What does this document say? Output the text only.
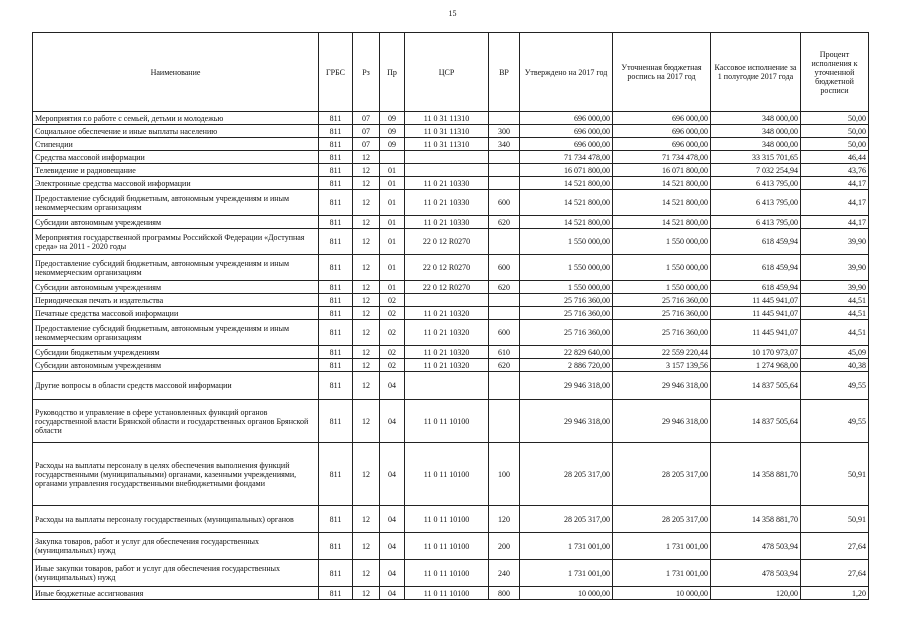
15
Наименование	ГРБС	Рз	Пр	ЦСР	ВР	Утверждено на 2017 год	Уточненная бюджетная роспись на 2017 год	Кассовое исполнение за 1 полугодие 2017 года	Процент исполнения к уточненной бюджетной росписи
Мероприятия г.о работе с семьей, детьми и молодежью	811	07	09	11 0 31 11310		696 000,00	696 000,00	348 000,00	50,00
Социальное обеспечение и иные выплаты населению	811	07	09	11 0 31 11310	300	696 000,00	696 000,00	348 000,00	50,00
Стипендии	811	07	09	11 0 31 11310	340	696 000,00	696 000,00	348 000,00	50,00
Средства массовой информации	811	12				71 734 478,00	71 734 478,00	33 315 701,65	46,44
Телевидение и радиовещание	811	12	01			16 071 800,00	16 071 800,00	7 032 254,94	43,76
Электронные средства массовой информации	811	12	01	11 0 21 10330		14 521 800,00	14 521 800,00	6 413 795,00	44,17
Предоставление субсидий бюджетным, автономным учреждениям и иным некоммерческим организациям	811	12	01	11 0 21 10330	600	14 521 800,00	14 521 800,00	6 413 795,00	44,17
Субсидии автономным учреждениям	811	12	01	11 0 21 10330	620	14 521 800,00	14 521 800,00	6 413 795,00	44,17
Мероприятия государственной программы Российской Федерации «Доступная среда» на 2011 - 2020 годы	811	12	01	22 0 12 R0270		1 550 000,00	1 550 000,00	618 459,94	39,90
Предоставление субсидий бюджетным, автономным учреждениям и иным некоммерческим организациям	811	12	01	22 0 12 R0270	600	1 550 000,00	1 550 000,00	618 459,94	39,90
Субсидии автономным учреждениям	811	12	01	22 0 12 R0270	620	1 550 000,00	1 550 000,00	618 459,94	39,90
Периодическая печать и издательства	811	12	02			25 716 360,00	25 716 360,00	11 445 941,07	44,51
Печатные средства массовой информации	811	12	02	11 0 21 10320		25 716 360,00	25 716 360,00	11 445 941,07	44,51
Предоставление субсидий бюджетным, автономным учреждениям и иным некоммерческим организациям	811	12	02	11 0 21 10320	600	25 716 360,00	25 716 360,00	11 445 941,07	44,51
Субсидии бюджетным учреждениям	811	12	02	11 0 21 10320	610	22 829 640,00	22 559 220,44	10 170 973,07	45,09
Субсидии автономным учреждениям	811	12	02	11 0 21 10320	620	2 886 720,00	3 157 139,56	1 274 968,00	40,38
Другие вопросы в области средств массовой информации	811	12	04			29 946 318,00	29 946 318,00	14 837 505,64	49,55
Руководство и управление в сфере установленных функций органов государственной власти Брянской области и государственных органов Брянской области	811	12	04	11 0 11 10100		29 946 318,00	29 946 318,00	14 837 505,64	49,55
Расходы на выплаты персоналу в целях обеспечения выполнения функций государственными (муниципальными) органами, казенными учреждениями, органами управления государственными внебюджетными фондами	811	12	04	11 0 11 10100	100	28 205 317,00	28 205 317,00	14 358 881,70	50,91
Расходы на выплаты персоналу государственных (муниципальных) органов	811	12	04	11 0 11 10100	120	28 205 317,00	28 205 317,00	14 358 881,70	50,91
Закупка товаров, работ и услуг для обеспечения государственных (муниципальных) нужд	811	12	04	11 0 11 10100	200	1 731 001,00	1 731 001,00	478 503,94	27,64
Иные закупки товаров, работ и услуг для обеспечения государственных (муниципальных) нужд	811	12	04	11 0 11 10100	240	1 731 001,00	1 731 001,00	478 503,94	27,64
Иные бюджетные ассигнования	811	12	04	11 0 11 10100	800	10 000,00	10 000,00	120,00	1,20
